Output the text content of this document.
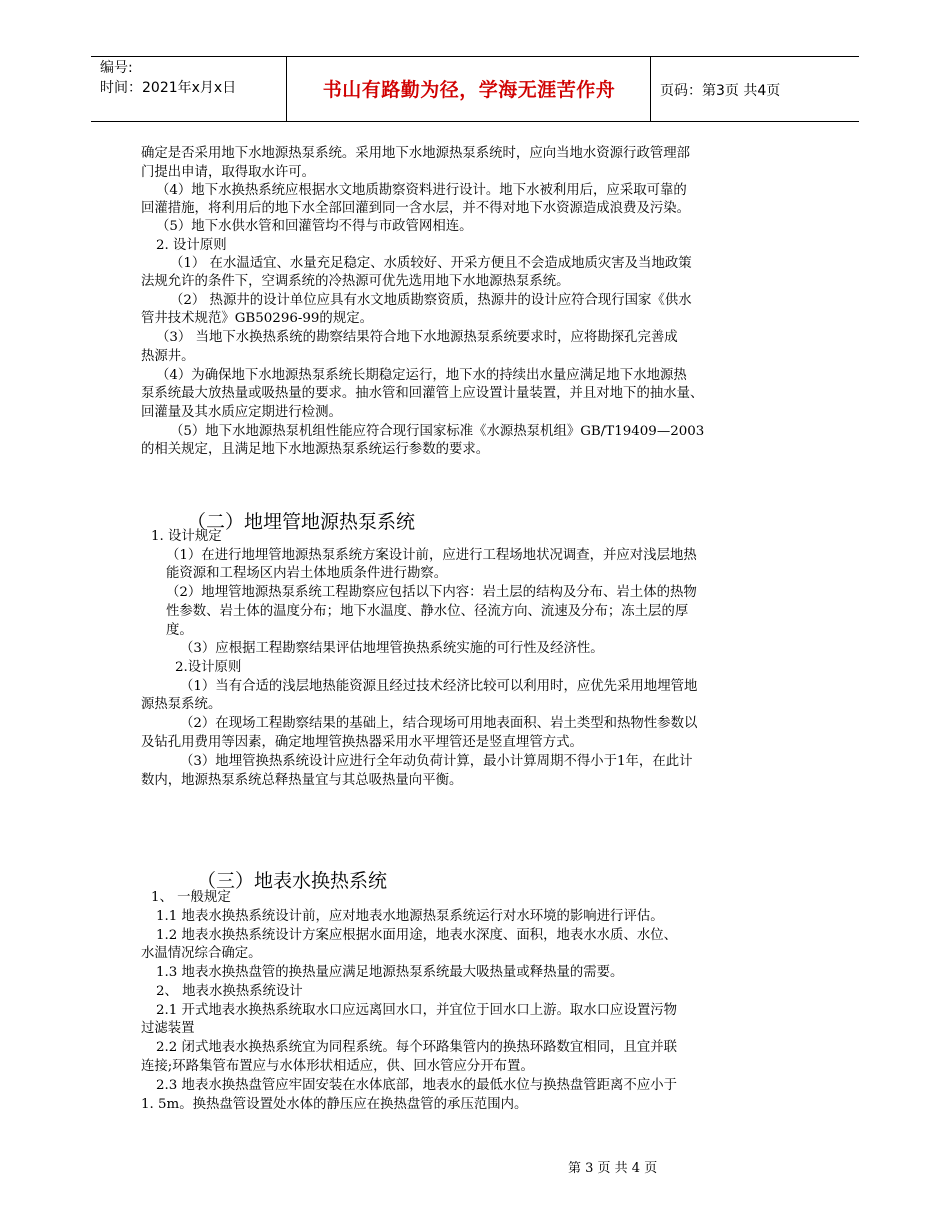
编号:
时间：2021年x月x日	书山有路勤为径，学海无涯苦作舟	页码：第3页 共4页
确定是否采用地下水地源热泵系统。采用地下水地源热泵系统时，应向当地水资源行政管理部
门提出申请，取得取水许可。
（4）地下水换热系统应根据水文地质勘察资料进行设计。地下水被利用后，应采取可靠的
回灌措施，将利用后的地下水全部回灌到同一含水层，并不得对地下水资源造成浪费及污染。
（5）地下水供水管和回灌管均不得与市政管网相连。
2. 设计原则
（1） 在水温适宜、水量充足稳定、水质较好、开采方便且不会造成地质灾害及当地政策
法规允许的条件下，空调系统的冷热源可优先选用地下水地源热泵系统。
（2） 热源井的设计单位应具有水文地质勘察资质，热源井的设计应符合现行国家《供水
管井技术规范》GB50296-99的规定。
（3） 当地下水换热系统的勘察结果符合地下水地源热泵系统要求时，应将勘探孔完善成
热源井。
（4）为确保地下水地源热泵系统长期稳定运行，地下水的持续出水量应满足地下水地源热
泵系统最大放热量或吸热量的要求。抽水管和回灌管上应设置计量装置，并且对地下的抽水量、
回灌量及其水质应定期进行检测。
（5）地下水地源热泵机组性能应符合现行国家标准《水源热泵机组》GB/T19409—2003
的相关规定，且满足地下水地源热泵系统运行参数的要求。
（二）地埋管地源热泵系统
1. 设计规定
（1）在进行地埋管地源热泵系统方案设计前，应进行工程场地状况调查，并应对浅层地热
能资源和工程场区内岩土体地质条件进行勘察。
（2）地埋管地源热泵系统工程勘察应包括以下内容：岩土层的结构及分布、岩土体的热物
性参数、岩土体的温度分布；地下水温度、静水位、径流方向、流速及分布；冻土层的厚
度。
（3）应根据工程勘察结果评估地埋管换热系统实施的可行性及经济性。
2.设计原则
（1）当有合适的浅层地热能资源且经过技术经济比较可以利用时，应优先采用地埋管地
源热泵系统。
（2）在现场工程勘察结果的基础上，结合现场可用地表面积、岩土类型和热物性参数以
及钻孔用费用等因素，确定地埋管换热器采用水平埋管还是竖直埋管方式。
（3）地埋管换热系统设计应进行全年动负荷计算，最小计算周期不得小于1年，在此计
数内，地源热泵系统总释热量宜与其总吸热量向平衡。
（三）地表水换热系统
1、 一般规定
1.1 地表水换热系统设计前，应对地表水地源热泵系统运行对水环境的影响进行评估。
1.2 地表水换热系统设计方案应根据水面用途，地表水深度、面积，地表水水质、水位、
水温情况综合确定。
1.3 地表水换热盘管的换热量应满足地源热泵系统最大吸热量或释热量的需要。
2、 地表水换热系统设计
2.1 开式地表水换热系统取水口应远离回水口，并宜位于回水口上游。取水口应设置污物
过滤装置
2.2 闭式地表水换热系统宜为同程系统。每个环路集管内的换热环路数宜相同，且宜并联
连接;环路集管布置应与水体形状相适应，供、回水管应分开布置。
2.3 地表水换热盘管应牢固安装在水体底部，地表水的最低水位与换热盘管距离不应小于
1. 5m。换热盘管设置处水体的静压应在换热盘管的承压范围内。
第 3 页 共 4 页
